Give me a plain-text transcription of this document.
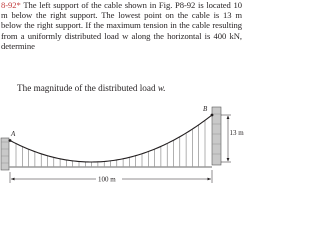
8-92* The left support of the cable shown in Fig. P8-92 is located 10 m below the right support. The lowest point on the cable is 13 m below the right support. If the maximum tension in the cable resulting from a uniformly distributed load w along the horizontal is 400 kN, determine
The magnitude of the distributed load w.
A
B
13 m
100 m
